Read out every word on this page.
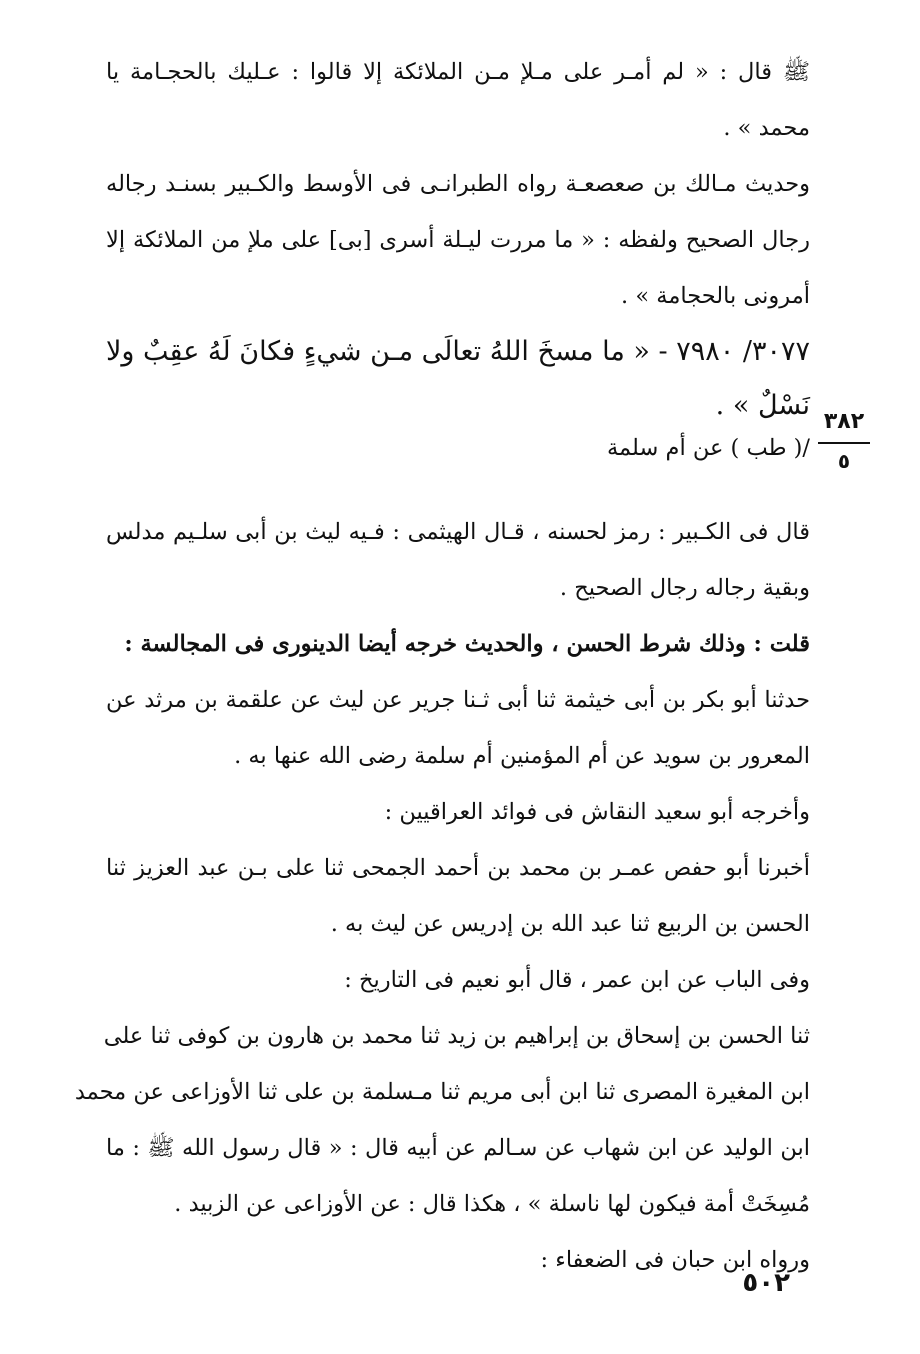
٣٨٢
٥

ﷺ قال : « لم أمـر على مـلإ مـن الملائكة إلا قالوا : عـليك بالحجـامة يا
محمد » .

وحديث مـالك بن صعصعـة رواه الطبرانـى فى الأوسط والكـبير بسنـد رجاله
رجال الصحيح ولفظه : « ما مررت ليـلة أسرى [بى] على ملإ من الملائكة إلا
أمرونى بالحجامة » .

٣٠٧٧/ ٧٩٨٠ - « ما مسخَ اللهُ تعالَى مـن شيءٍ فكانَ لَهُ عقِبٌ ولا
نَسْلٌ » .

قال فى الكـبير : رمز لحسنه ، قـال الهيثمى : فـيه ليث بن أبى سلـيم مدلس
وبقية رجاله رجال الصحيح .

قلت : وذلك شرط الحسن ، والحديث خرجه أيضا الدينورى فى المجالسة :

حدثنا أبو بكر بن أبى خيثمة ثنا أبى ثـنا جرير عن ليث عن علقمة بن مرثد عن
المعرور بن سويد عن أم المؤمنين أم سلمة رضى الله عنها به .

وأخرجه أبو سعيد النقاش فى فوائد العراقيين :

أخبرنا أبو حفص عمـر بن محمد بن أحمد الجمحى ثنا على بـن عبد العزيز ثنا
الحسن بن الربيع ثنا عبد الله بن إدريس عن ليث به .

وفى الباب عن ابن عمر ، قال أبو نعيم فى التاريخ :

ثنا الحسن بن إسحاق بن إبراهيم بن زيد ثنا محمد بن هارون بن كوفى ثنا على
ابن المغيرة المصرى ثنا ابن أبى مريم ثنا مـسلمة بن على ثنا الأوزاعى عن محمد
ابن الوليد عن ابن شهاب عن سـالم عن أبيه قال : « قال رسول الله ﷺ : ما
مُسِخَتْ أمة فيكون لها ناسلة » ، هكذا قال : عن الأوزاعى عن الزبيد .

ورواه ابن حبان فى الضعفاء :

/( طب ) عن أم سلمة
٥٠٢
